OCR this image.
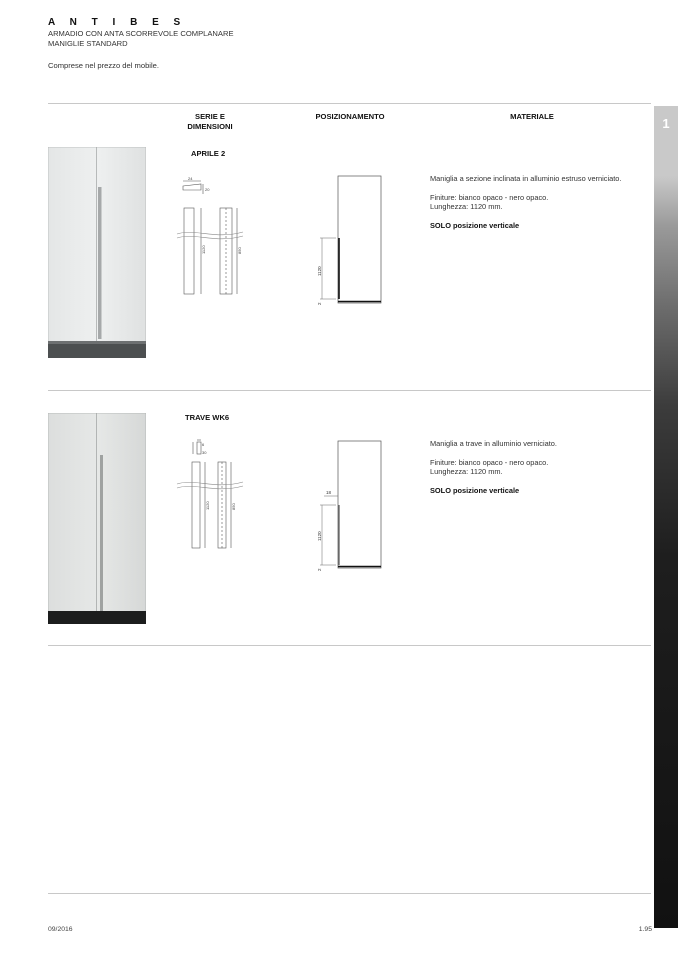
A N T I B E S
ARMADIO CON ANTA SCORREVOLE COMPLANARE
MANIGLIE STANDARD
Comprese nel prezzo del mobile.
1
SERIE E
DIMENSIONI
POSIZIONAMENTO	MATERIALE
APRILE 2
24
20
1120	850
1120
2
Maniglia a sezione inclinata in alluminio estruso verniciato.
Finiture: bianco opaco - nero opaco.
Lunghezza: 1120 mm.
SOLO posizione verticale
TRAVE WK6
6
30
1120	850
18
1120
2
Maniglia a trave in alluminio verniciato.
Finiture: bianco opaco - nero opaco.
Lunghezza: 1120 mm.
SOLO posizione verticale
09/2016	1.95
